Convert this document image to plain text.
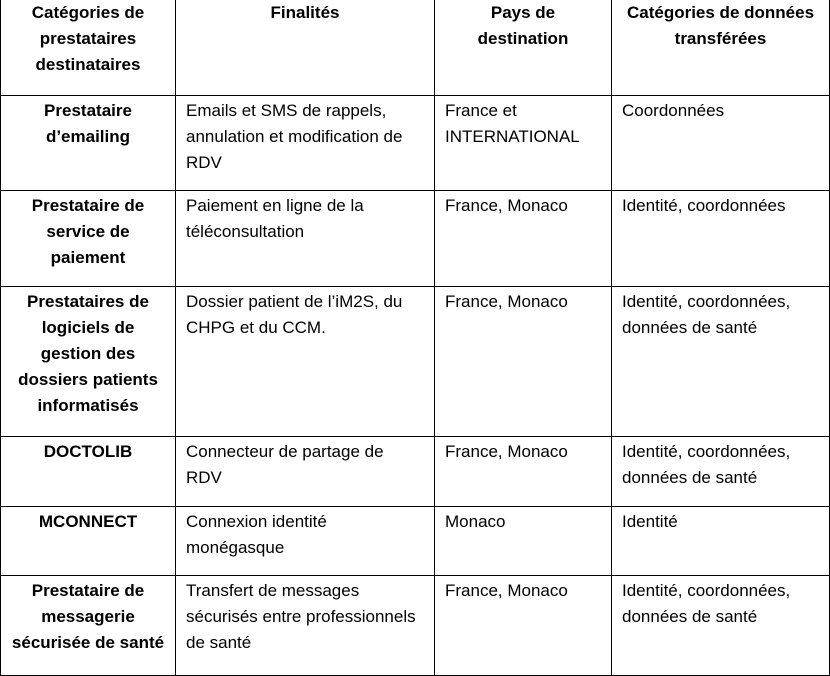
Catégories de prestataires destinataires	Finalités	Pays de destination	Catégories de données transférées
Prestataire d’emailing	Emails et SMS de rappels, annulation et modification de RDV	France et INTERNATIONAL	Coordonnées
Prestataire de service de paiement	Paiement en ligne de la téléconsultation	France, Monaco	Identité, coordonnées
Prestataires de logiciels de gestion des dossiers patients informatisés	Dossier patient de l’iM2S, du CHPG et du CCM.	France, Monaco	Identité, coordonnées, données de santé
DOCTOLIB	Connecteur de partage de RDV	France, Monaco	Identité, coordonnées, données de santé
MCONNECT	Connexion identité monégasque	Monaco	Identité
Prestataire de messagerie sécurisée de santé	Transfert de messages sécurisés entre professionnels de santé	France, Monaco	Identité, coordonnées, données de santé
